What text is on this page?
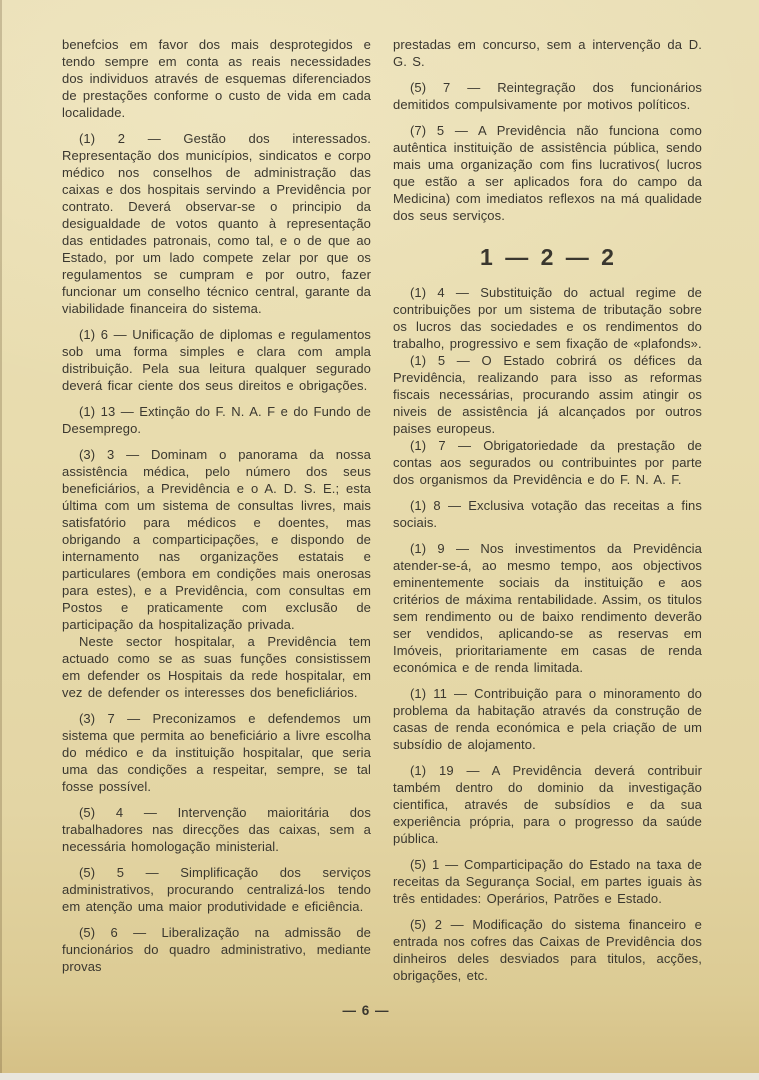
benefcios em favor dos mais desprotegidos e tendo sempre em conta as reais necessidades dos individuos através de esquemas diferenciados de prestações conforme o custo de vida em cada localidade.

(1) 2 — Gestão dos interessados. Representação dos municípios, sindicatos e corpo médico nos conselhos de administração das caixas e dos hospitais servindo a Previdência por contrato. Deverá observar-se o principio da desigualdade de votos quanto à representação das entidades patronais, como tal, e o de que ao Estado, por um lado compete zelar por que os regulamentos se cumpram e por outro, fazer funcionar um conselho técnico central, garante da viabilidade financeira do sistema.

(1) 6 — Unificação de diplomas e regulamentos sob uma forma simples e clara com ampla distribuição. Pela sua leitura qualquer segurado deverá ficar ciente dos seus direitos e obrigações.

(1) 13 — Extinção do F. N. A. F e do Fundo de Desemprego.

(3) 3 — Dominam o panorama da nossa assistência médica, pelo número dos seus beneficiários, a Previdência e o A. D. S. E.; esta última com um sistema de consultas livres, mais satisfatório para médicos e doentes, mas obrigando a comparticipações, e dispondo de internamento nas organizações estatais e particulares (embora em condições mais onerosas para estes), e a Previdência, com consultas em Postos e praticamente com exclusão de participação da hospitalização privada.

Neste sector hospitalar, a Previdência tem actuado como se as suas funções consistissem em defender os Hospitais da rede hospitalar, em vez de defender os interesses dos beneficliários.

(3) 7 — Preconizamos e defendemos um sistema que permita ao beneficiário a livre escolha do médico e da instituição hospitalar, que seria uma das condições a respeitar, sempre, se tal fosse possível.

(5) 4 — Intervenção maioritária dos trabalhadores nas direcções das caixas, sem a necessária homologação ministerial.

(5) 5 — Simplificação dos serviços administrativos, procurando centralizá-los tendo em atenção uma maior produtividade e eficiência.

(5) 6 — Liberalização na admissão de funcionários do quadro administrativo, mediante provas

prestadas em concurso, sem a intervenção da D. G. S.

(5) 7 — Reintegração dos funcionários demitidos compulsivamente por motivos políticos.

(7) 5 — A Previdência não funciona como autêntica instituição de assistência pública, sendo mais uma organização com fins lucrativos( lucros que estão a ser aplicados fora do campo da Medicina) com imediatos reflexos na má qualidade dos seus serviços.

1 — 2 — 2

(1) 4 — Substituição do actual regime de contribuições por um sistema de tributação sobre os lucros das sociedades e os rendimentos do trabalho, progressivo e sem fixação de «plafonds».

(1) 5 — O Estado cobrirá os défices da Previdência, realizando para isso as reformas fiscais necessárias, procurando assim atingir os niveis de assistência já alcançados por outros paises europeus.

(1) 7 — Obrigatoriedade da prestação de contas aos segurados ou contribuintes por parte dos organismos da Previdência e do F. N. A. F.

(1) 8 — Exclusiva votação das receitas a fins sociais.

(1) 9 — Nos investimentos da Previdência atender-se-á, ao mesmo tempo, aos objectivos eminentemente sociais da instituição e aos critérios de máxima rentabilidade. Assim, os titulos sem rendimento ou de baixo rendimento deverão ser vendidos, aplicando-se as reservas em Imóveis, prioritariamente em casas de renda económica e de renda limitada.

(1) 11 — Contribuição para o minoramento do problema da habitação através da construção de casas de renda económica e pela criação de um subsídio de alojamento.

(1) 19 — A Previdência deverá contribuir também dentro do dominio da investigação cientifica, através de subsídios e da sua experiência própria, para o progresso da saúde pública.

(5) 1 — Comparticipação do Estado na taxa de receitas da Segurança Social, em partes iguais às três entidades: Operários, Patrões e Estado.

(5) 2 — Modificação do sistema financeiro e entrada nos cofres das Caixas de Previdência dos dinheiros deles desviados para titulos, acções, obrigações, etc.

— 6 —
